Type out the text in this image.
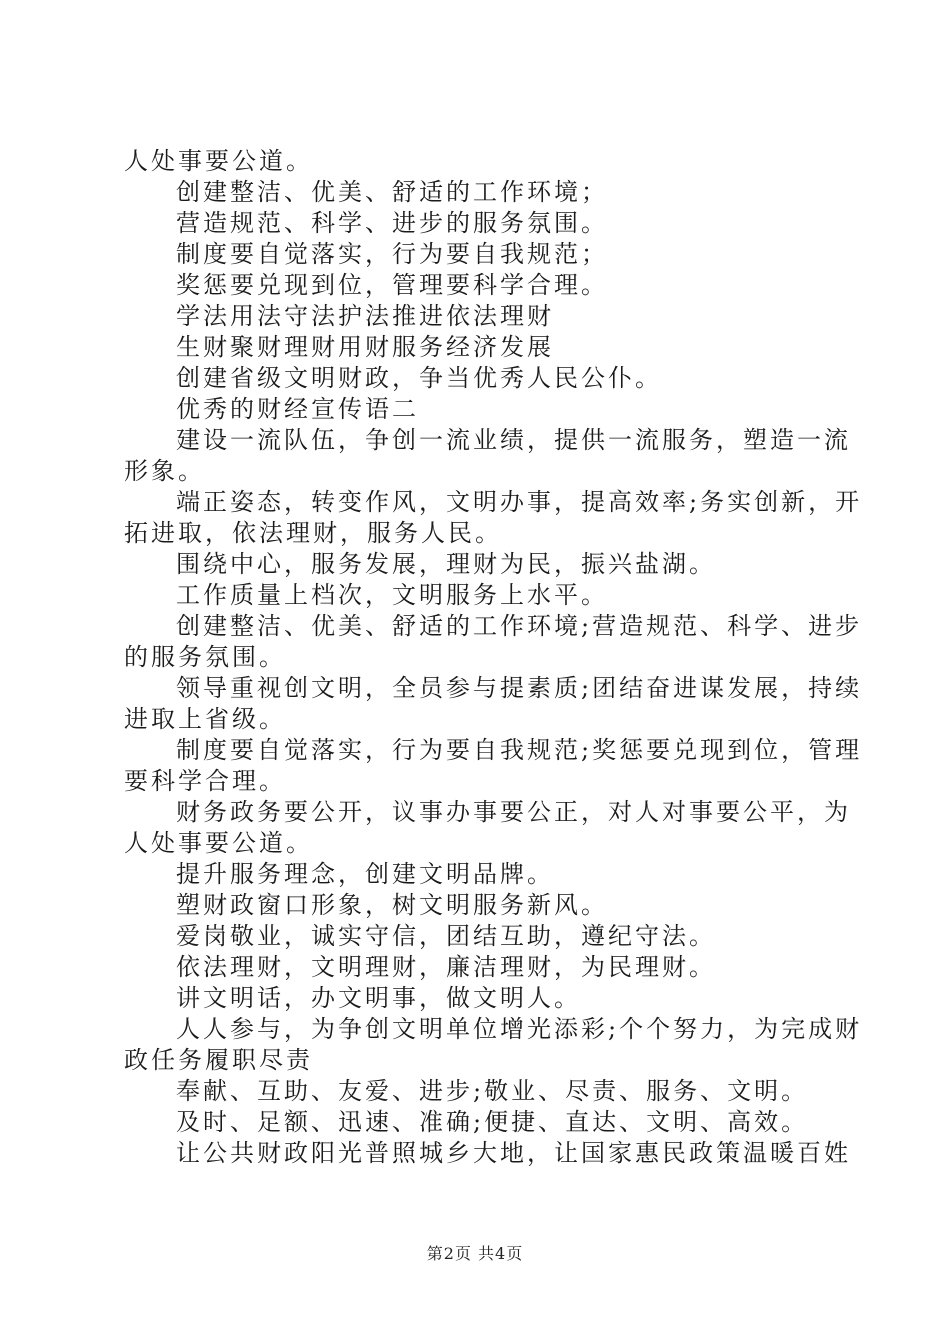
人处事要公道。
创建整洁、优美、舒适的工作环境；
营造规范、科学、进步的服务氛围。
制度要自觉落实，行为要自我规范；
奖惩要兑现到位，管理要科学合理。
学法用法守法护法推进依法理财
生财聚财理财用财服务经济发展
创建省级文明财政，争当优秀人民公仆。
优秀的财经宣传语二
建设一流队伍，争创一流业绩，提供一流服务，塑造一流
形象。
端正姿态，转变作风，文明办事，提高效率;务实创新，开
拓进取，依法理财，服务人民。
围绕中心，服务发展，理财为民，振兴盐湖。
工作质量上档次，文明服务上水平。
创建整洁、优美、舒适的工作环境;营造规范、科学、进步
的服务氛围。
领导重视创文明，全员参与提素质;团结奋进谋发展，持续
进取上省级。
制度要自觉落实，行为要自我规范;奖惩要兑现到位，管理
要科学合理。
财务政务要公开，议事办事要公正，对人对事要公平，为
人处事要公道。
提升服务理念，创建文明品牌。
塑财政窗口形象，树文明服务新风。
爱岗敬业，诚实守信，团结互助，遵纪守法。
依法理财，文明理财，廉洁理财，为民理财。
讲文明话，办文明事，做文明人。
人人参与，为争创文明单位增光添彩;个个努力，为完成财
政任务履职尽责
奉献、互助、友爱、进步;敬业、尽责、服务、文明。
及时、足额、迅速、准确;便捷、直达、文明、高效。
让公共财政阳光普照城乡大地，让国家惠民政策温暖百姓
第2页 共4页
